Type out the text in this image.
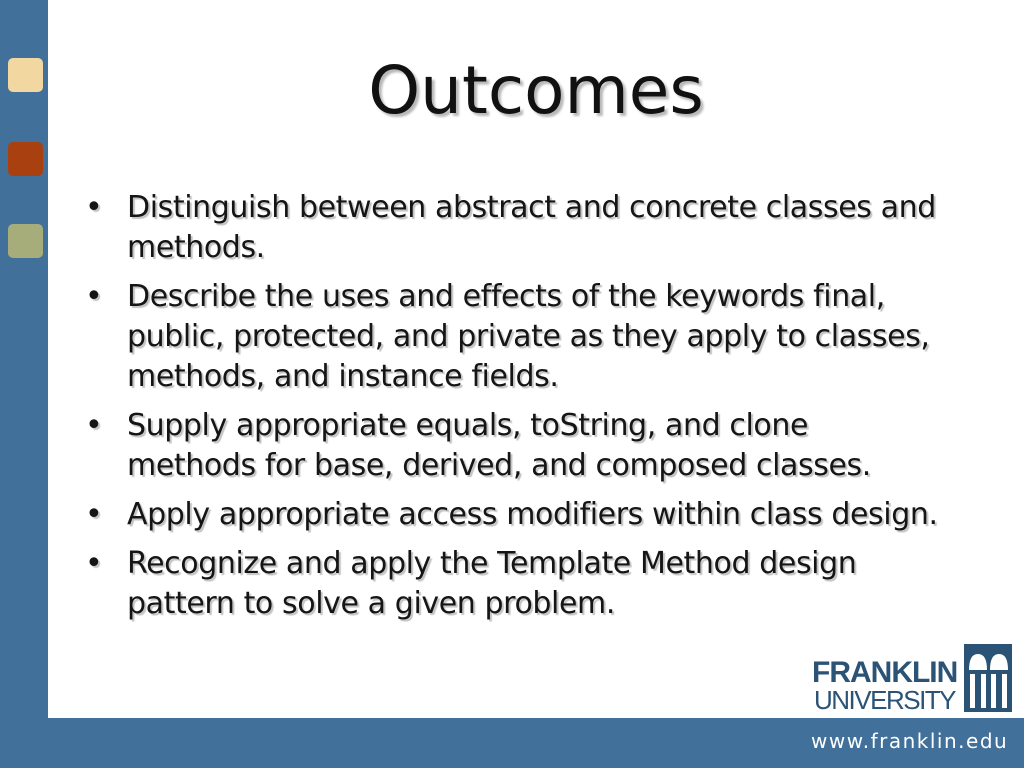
Outcomes
• Distinguish between abstract and concrete classes and
methods.
• Describe the uses and effects of the keywords final,
public, protected, and private as they apply to classes,
methods, and instance fields.
• Supply appropriate equals, toString, and clone
methods for base, derived, and composed classes.
• Apply appropriate access modifiers within class design.
• Recognize and apply the Template Method design
pattern to solve a given problem.
FRANKLIN
UNIVERSITY
www.franklin.edu
